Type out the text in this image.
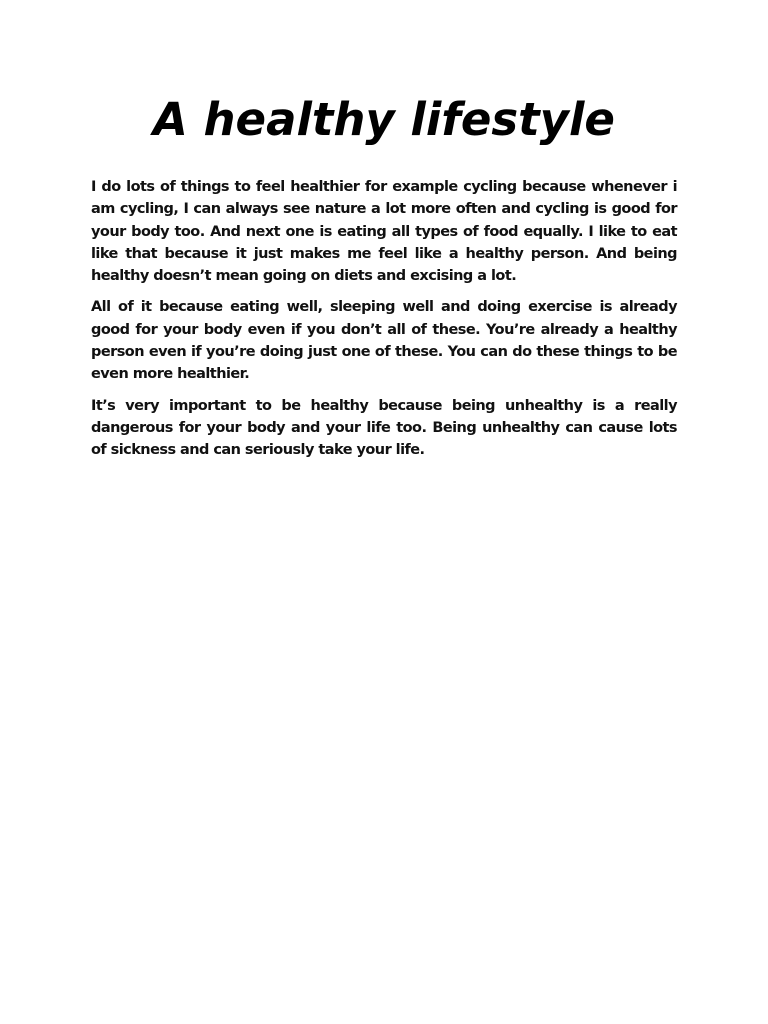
A healthy lifestyle

I do lots of things to feel healthier for example cycling because whenever i am cycling, I can always see nature a lot more often and cycling is good for your body too. And next one is eating all types of food equally. I like to eat like that because it just makes me feel like a healthy person. And being healthy doesn’t mean going on diets and excising a lot.

All of it because eating well, sleeping well and doing exercise is already good for your body even if you don’t all of these. You’re already a healthy person even if you’re doing just one of these. You can do these things to be even more healthier.

It’s very important to be healthy because being unhealthy is a really dangerous for your body and your life too. Being unhealthy can cause lots of sickness and can seriously take your life.
